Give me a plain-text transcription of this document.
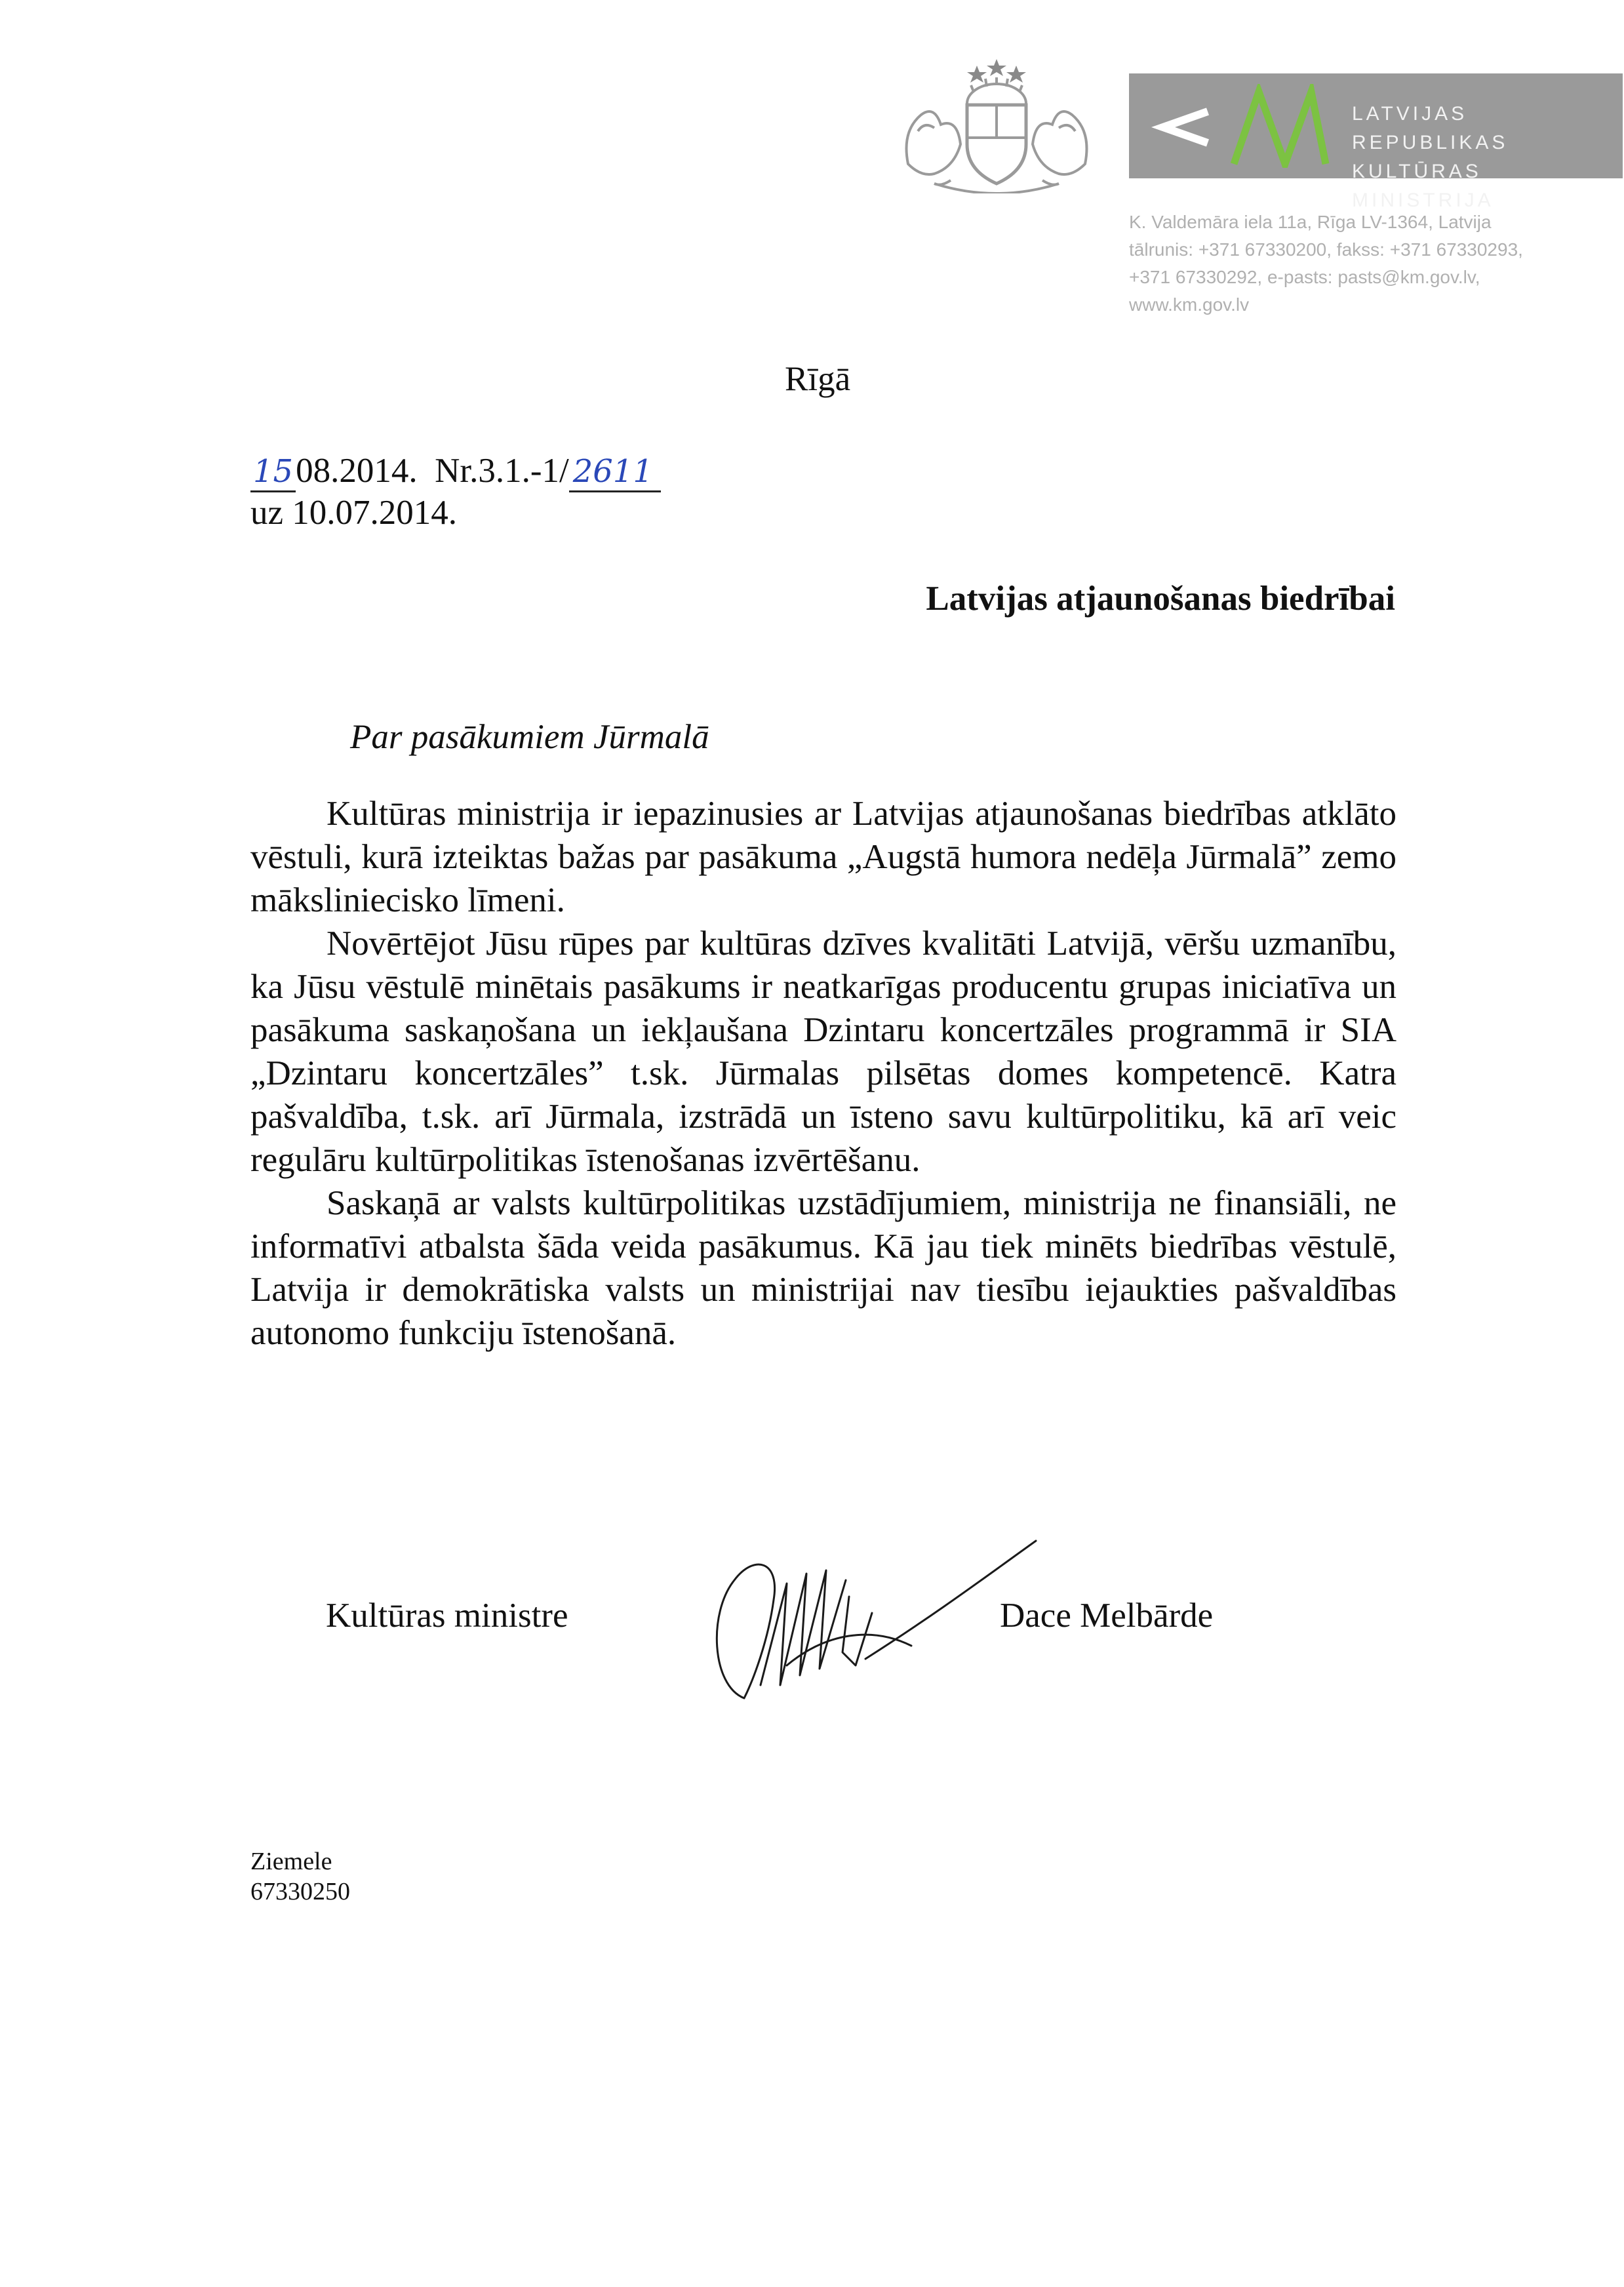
LATVIJAS REPUBLIKAS
KULTŪRAS MINISTRIJA
K. Valdemāra iela 11a, Rīga LV-1364, Latvija
tālrunis: +371 67330200, fakss: +371 67330293,
+371 67330292, e-pasts: pasts@km.gov.lv,
www.km.gov.lv
Rīgā
1508.2014. Nr.3.1.-1/ 2611
uz 10.07.2014.
Latvijas atjaunošanas biedrībai
Par pasākumiem Jūrmalā

Kultūras ministrija ir iepazinusies ar Latvijas atjaunošanas biedrības atklāto vēstuli, kurā izteiktas bažas par pasākuma „Augstā humora nedēļa Jūrmalā” zemo mākslinieciskо līmeni.

Novērtējot Jūsu rūpes par kultūras dzīves kvalitāti Latvijā, vēršu uzmanību, ka Jūsu vēstulē minētais pasākums ir neatkarīgas producentu grupas iniciatīva un pasākuma saskaņošana un iekļaušana Dzintaru koncertzāles programmā ir SIA „Dzintaru koncertzāles” t.sk. Jūrmalas pilsētas domes kompetencē. Katra pašvaldība, t.sk. arī Jūrmala, izstrādā un īsteno savu kultūrpolitiku, kā arī veic regulāru kultūrpolitikas īstenošanas izvērtēšanu.

Saskaņā ar valsts kultūrpolitikas uzstādījumiem, ministrija ne finansiāli, ne informatīvi atbalsta šāda veida pasākumus. Kā jau tiek minēts biedrības vēstulē, Latvija ir demokrātiska valsts un ministrijai nav tiesību iejaukties pašvaldības autonomo funkciju īstenošanā.

Kultūras ministre	Dace Melbārde
Ziemele
67330250
